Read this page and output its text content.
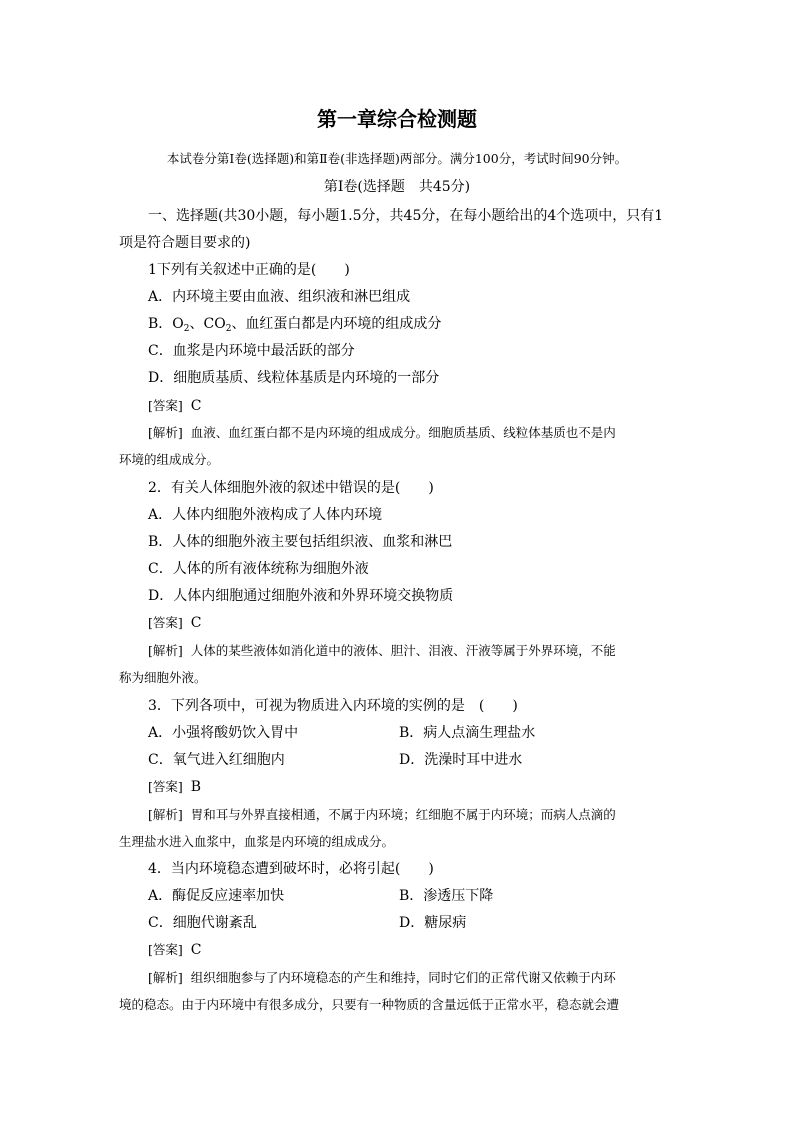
第一章综合检测题
本试卷分第Ⅰ卷(选择题)和第Ⅱ卷(非选择题)两部分。满分100分，考试时间90分钟。
第Ⅰ卷(选择题　共45分)
一、选择题(共30小题，每小题1.5分，共45分，在每小题给出的4个选项中，只有1
项是符合题目要求的)
1下列有关叙述中正确的是(　　)
A．内环境主要由血液、组织液和淋巴组成
B．$O_2$、$CO_2$、血红蛋白都是内环境的组成成分
C．血浆是内环境中最活跃的部分
D．细胞质基质、线粒体基质是内环境的一部分
[答案] C
[解析] 血液、血红蛋白都不是内环境的组成成分。细胞质基质、线粒体基质也不是内
环境的组成成分。
2．有关人体细胞外液的叙述中错误的是(　　)
A．人体内细胞外液构成了人体内环境
B．人体的细胞外液主要包括组织液、血浆和淋巴
C．人体的所有液体统称为细胞外液
D．人体内细胞通过细胞外液和外界环境交换物质
[答案] C
[解析] 人体的某些液体如消化道中的液体、胆汁、泪液、汗液等属于外界环境，不能
称为细胞外液。
3．下列各项中，可视为物质进入内环境的实例的是　(　　)
A．小强将酸奶饮入胃中	B．病人点滴生理盐水
C．氧气进入红细胞内	D．洗澡时耳中进水
[答案] B
[解析] 胃和耳与外界直接相通，不属于内环境；红细胞不属于内环境；而病人点滴的
生理盐水进入血浆中，血浆是内环境的组成成分。
4．当内环境稳态遭到破坏时，必将引起(　　)
A．酶促反应速率加快	B．渗透压下降
C．细胞代谢紊乱	D．糖尿病
[答案] C
[解析] 组织细胞参与了内环境稳态的产生和维持，同时它们的正常代谢又依赖于内环
境的稳态。由于内环境中有很多成分，只要有一种物质的含量远低于正常水平，稳态就会遭
